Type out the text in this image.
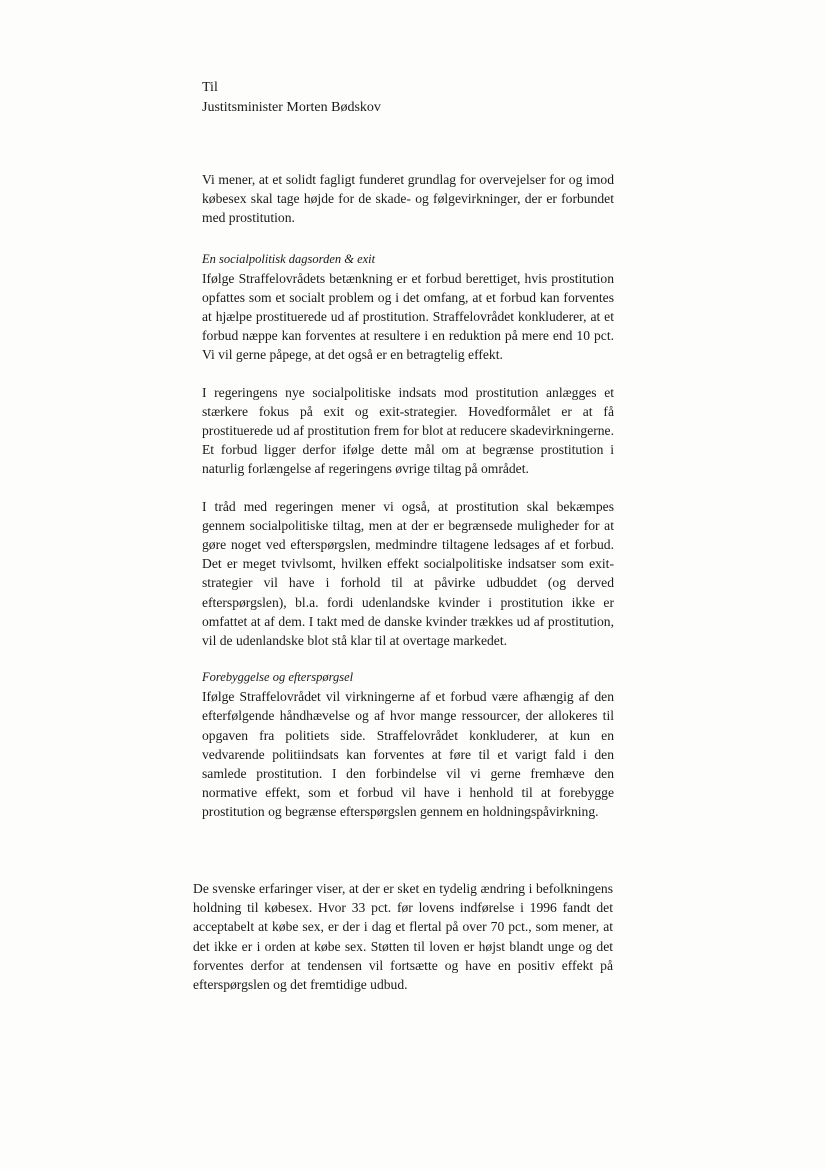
Til
Justitsminister Morten Bødskov

Vi mener, at et solidt fagligt funderet grundlag for overvejelser for og imod købesex skal tage højde for de skade- og følgevirkninger, der er forbundet med prostitution.

En socialpolitisk dagsorden & exit

Ifølge Straffelovrådets betænkning er et forbud berettiget, hvis prostitution opfattes som et socialt problem og i det omfang, at et forbud kan forventes at hjælpe prostituerede ud af prostitution. Straffelovrådet konkluderer, at et forbud næppe kan forventes at resultere i en reduktion på mere end 10 pct. Vi vil gerne påpege, at det også er en betragtelig effekt.

I regeringens nye socialpolitiske indsats mod prostitution anlægges et stærkere fokus på exit og exit-strategier. Hovedformålet er at få prostituerede ud af prostitution frem for blot at reducere skadevirkningerne. Et forbud ligger derfor ifølge dette mål om at begrænse prostitution i naturlig forlængelse af regeringens øvrige tiltag på området.

I tråd med regeringen mener vi også, at prostitution skal bekæmpes gennem socialpolitiske tiltag, men at der er begrænsede muligheder for at gøre noget ved efterspørgslen, medmindre tiltagene ledsages af et forbud. Det er meget tvivlsomt, hvilken effekt socialpolitiske indsatser som exit-strategier vil have i forhold til at påvirke udbuddet (og derved efterspørgslen), bl.a. fordi udenlandske kvinder i prostitution ikke er omfattet at af dem. I takt med de danske kvinder trækkes ud af prostitution, vil de udenlandske blot stå klar til at overtage markedet.

Forebyggelse og efterspørgsel

Ifølge Straffelovrådet vil virkningerne af et forbud være afhængig af den efterfølgende håndhævelse og af hvor mange ressourcer, der allokeres til opgaven fra politiets side. Straffelovrådet konkluderer, at kun en vedvarende politiindsats kan forventes at føre til et varigt fald i den samlede prostitution. I den forbindelse vil vi gerne fremhæve den normative effekt, som et forbud vil have i henhold til at forebygge prostitution og begrænse efterspørgslen gennem en holdningspåvirkning.

De svenske erfaringer viser, at der er sket en tydelig ændring i befolkningens holdning til købesex. Hvor 33 pct. før lovens indførelse i 1996 fandt det acceptabelt at købe sex, er der i dag et flertal på over 70 pct., som mener, at det ikke er i orden at købe sex. Støtten til loven er højst blandt unge og det forventes derfor at tendensen vil fortsætte og have en positiv effekt på efterspørgslen og det fremtidige udbud.
